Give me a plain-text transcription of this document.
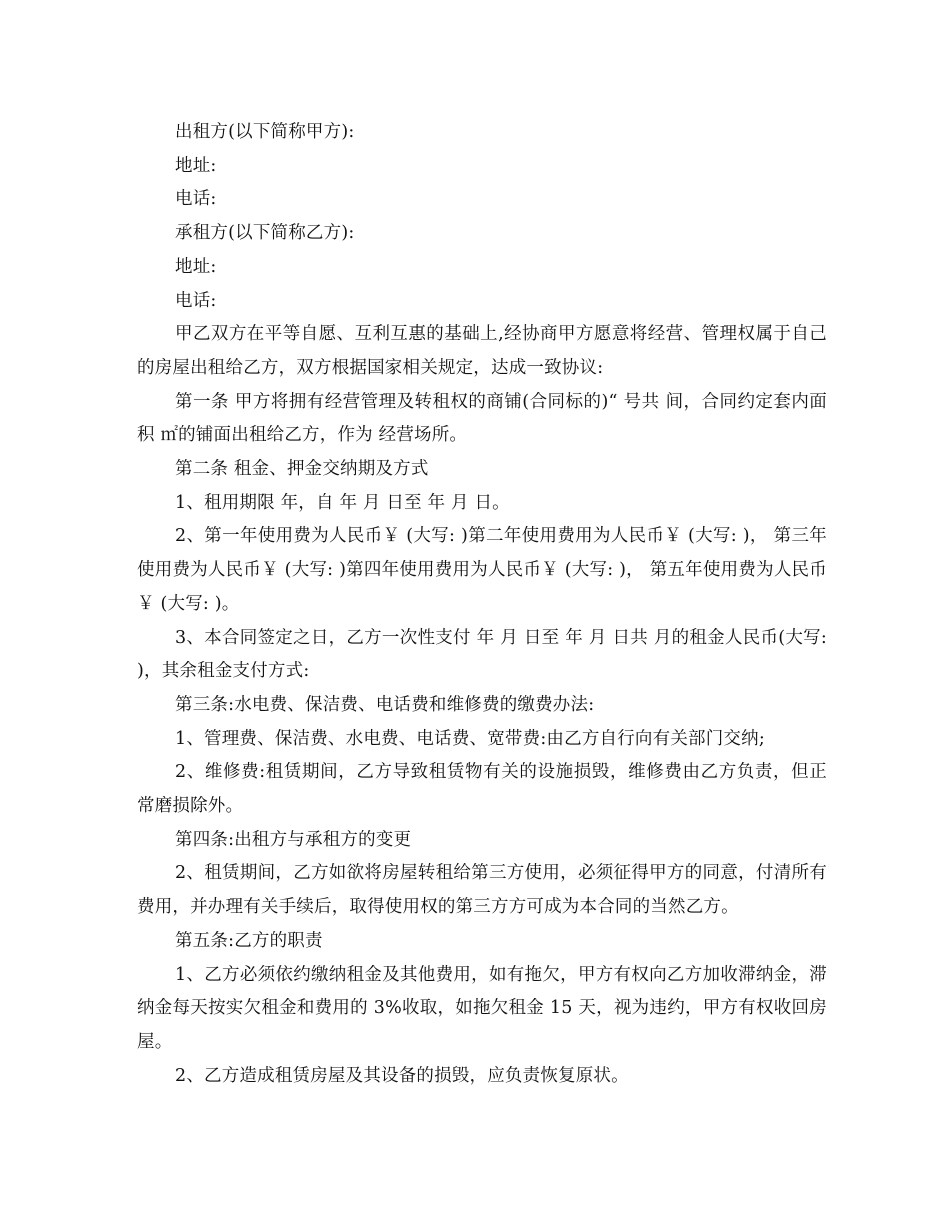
出租方(以下简称甲方):

地址:

电话:

承租方(以下简称乙方):

地址:

电话:

甲乙双方在平等自愿、互利互惠的基础上,经协商甲方愿意将经营、管理权属于自己的房屋出租给乙方，双方根据国家相关规定，达成一致协议:

第一条 甲方将拥有经营管理及转租权的商铺(合同标的)“ 号共 间，合同约定套内面积 ㎡的铺面出租给乙方，作为 经营场所。

第二条 租金、押金交纳期及方式

1、租用期限 年，自 年 月 日至 年 月 日。

2、第一年使用费为人民币￥ (大写: )第二年使用费用为人民币￥ (大写: )， 第三年使用费为人民币￥ (大写: )第四年使用费用为人民币￥ (大写: )， 第五年使用费为人民币￥ (大写: )。

3、本合同签定之日，乙方一次性支付 年 月 日至 年 月 日共 月的租金人民币(大写: )，其余租金支付方式:

第三条:水电费、保洁费、电话费和维修费的缴费办法:

1、管理费、保洁费、水电费、电话费、宽带费:由乙方自行向有关部门交纳;

2、维修费:租赁期间，乙方导致租赁物有关的设施损毁，维修费由乙方负责，但正常磨损除外。

第四条:出租方与承租方的变更

2、租赁期间，乙方如欲将房屋转租给第三方使用，必须征得甲方的同意，付清所有费用，并办理有关手续后，取得使用权的第三方方可成为本合同的当然乙方。

第五条:乙方的职责

1、乙方必须依约缴纳租金及其他费用，如有拖欠，甲方有权向乙方加收滞纳金，滞纳金每天按实欠租金和费用的 3%收取，如拖欠租金 15 天，视为违约，甲方有权收回房屋。

2、乙方造成租赁房屋及其设备的损毁，应负责恢复原状。
